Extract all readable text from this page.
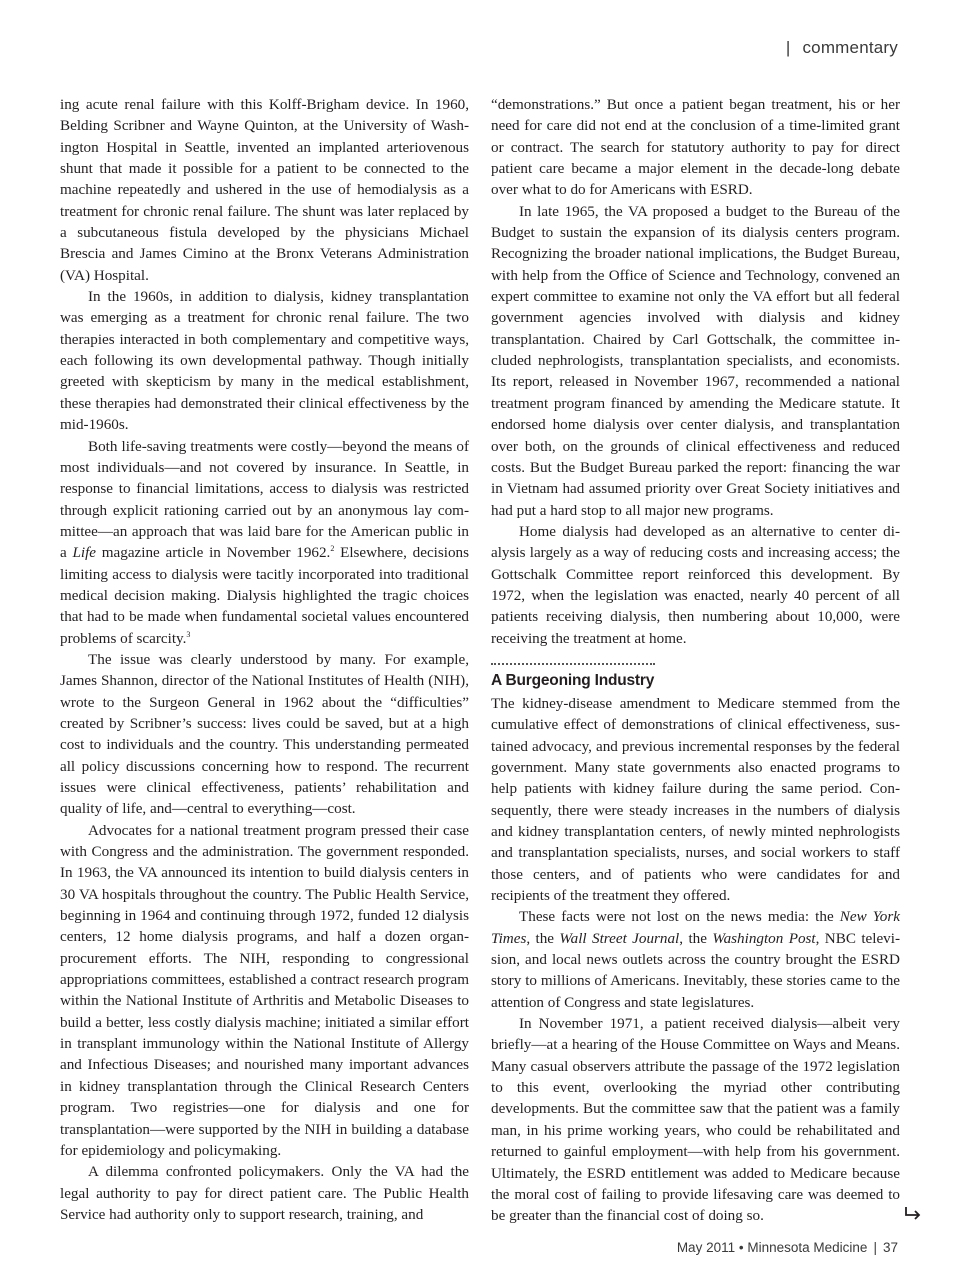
| commentary

ing acute renal failure with this Kolff-Brigham device. In 1960, Belding Scribner and Wayne Quinton, at the University of Washington Hospital in Seattle, invented an implanted arteriovenous shunt that made it possible for a patient to be connected to the machine repeatedly and ushered in the use of hemodialysis as a treatment for chronic renal failure. The shunt was later replaced by a subcutaneous fistula developed by the physicians Michael Brescia and James Cimino at the Bronx Veterans Administration (VA) Hospital.

In the 1960s, in addition to dialysis, kidney transplantation was emerging as a treatment for chronic renal failure. The two therapies interacted in both complementary and competitive ways, each following its own developmental pathway. Though initially greeted with skepticism by many in the medical establishment, these therapies had demonstrated their clinical effectiveness by the mid-1960s.

Both life-saving treatments were costly—beyond the means of most individuals—and not covered by insurance. In Seattle, in response to financial limitations, access to dialysis was restricted through explicit rationing carried out by an anonymous lay committee—an approach that was laid bare for the American public in a Life magazine article in November 1962.$^2$ Elsewhere, decisions limiting access to dialysis were tacitly incorporated into traditional medical decision making. Dialysis highlighted the tragic choices that had to be made when fundamental societal values encountered problems of scarcity.$^3$

The issue was clearly understood by many. For example, James Shannon, director of the National Institutes of Health (NIH), wrote to the Surgeon General in 1962 about the “difficulties” created by Scribner’s success: lives could be saved, but at a high cost to individuals and the country. This understanding permeated all policy discussions concerning how to respond. The recurrent issues were clinical effectiveness, patients’ rehabilitation and quality of life, and—central to everything—cost.

Advocates for a national treatment program pressed their case with Congress and the administration. The government responded. In 1963, the VA announced its intention to build dialysis centers in 30 VA hospitals throughout the country. The Public Health Service, beginning in 1964 and continuing through 1972, funded 12 dialysis centers, 12 home dialysis programs, and half a dozen organ-procurement efforts. The NIH, responding to congressional appropriations committees, established a contract research program within the National Institute of Arthritis and Metabolic Diseases to build a better, less costly dialysis machine; initiated a similar effort in transplant immunology within the National Institute of Allergy and Infectious Diseases; and nourished many important advances in kidney transplantation through the Clinical Research Centers program. Two registries—one for dialysis and one for transplantation—were supported by the NIH in building a database for epidemiology and policymaking.

A dilemma confronted policymakers. Only the VA had the legal authority to pay for direct patient care. The Public Health Service had authority only to support research, training, and

“demonstrations.” But once a patient began treatment, his or her need for care did not end at the conclusion of a time-limited grant or contract. The search for statutory authority to pay for direct patient care became a major element in the decade-long debate over what to do for Americans with ESRD.

In late 1965, the VA proposed a budget to the Bureau of the Budget to sustain the expansion of its dialysis centers program. Recognizing the broader national implications, the Budget Bureau, with help from the Office of Science and Technology, convened an expert committee to examine not only the VA effort but all federal government agencies involved with dialysis and kidney transplantation. Chaired by Carl Gottschalk, the committee included nephrologists, transplantation specialists, and economists. Its report, released in November 1967, recommended a national treatment program financed by amending the Medicare statute. It endorsed home dialysis over center dialysis, and transplantation over both, on the grounds of clinical effectiveness and reduced costs. But the Budget Bureau parked the report: financing the war in Vietnam had assumed priority over Great Society initiatives and had put a hard stop to all major new programs.

Home dialysis had developed as an alternative to center dialysis largely as a way of reducing costs and increasing access; the Gottschalk Committee report reinforced this development. By 1972, when the legislation was enacted, nearly 40 percent of all patients receiving dialysis, then numbering about 10,000, were receiving the treatment at home.

A Burgeoning Industry

The kidney-disease amendment to Medicare stemmed from the cumulative effect of demonstrations of clinical effectiveness, sustained advocacy, and previous incremental responses by the federal government. Many state governments also enacted programs to help patients with kidney failure during the same period. Consequently, there were steady increases in the numbers of dialysis and kidney transplantation centers, of newly minted nephrologists and transplantation specialists, nurses, and social workers to staff those centers, and of patients who were candidates for and recipients of the treatment they offered.

These facts were not lost on the news media: the New York Times, the Wall Street Journal, the Washington Post, NBC television, and local news outlets across the country brought the ESRD story to millions of Americans. Inevitably, these stories came to the attention of Congress and state legislatures.

In November 1971, a patient received dialysis—albeit very briefly—at a hearing of the House Committee on Ways and Means. Many casual observers attribute the passage of the 1972 legislation to this event, overlooking the myriad other contributing developments. But the committee saw that the patient was a family man, in his prime working years, who could be rehabilitated and returned to gainful employment—with help from his government. Ultimately, the ESRD entitlement was added to Medicare because the moral cost of failing to provide lifesaving care was deemed to be greater than the financial cost of doing so.

May 2011 • Minnesota Medicine | 37
